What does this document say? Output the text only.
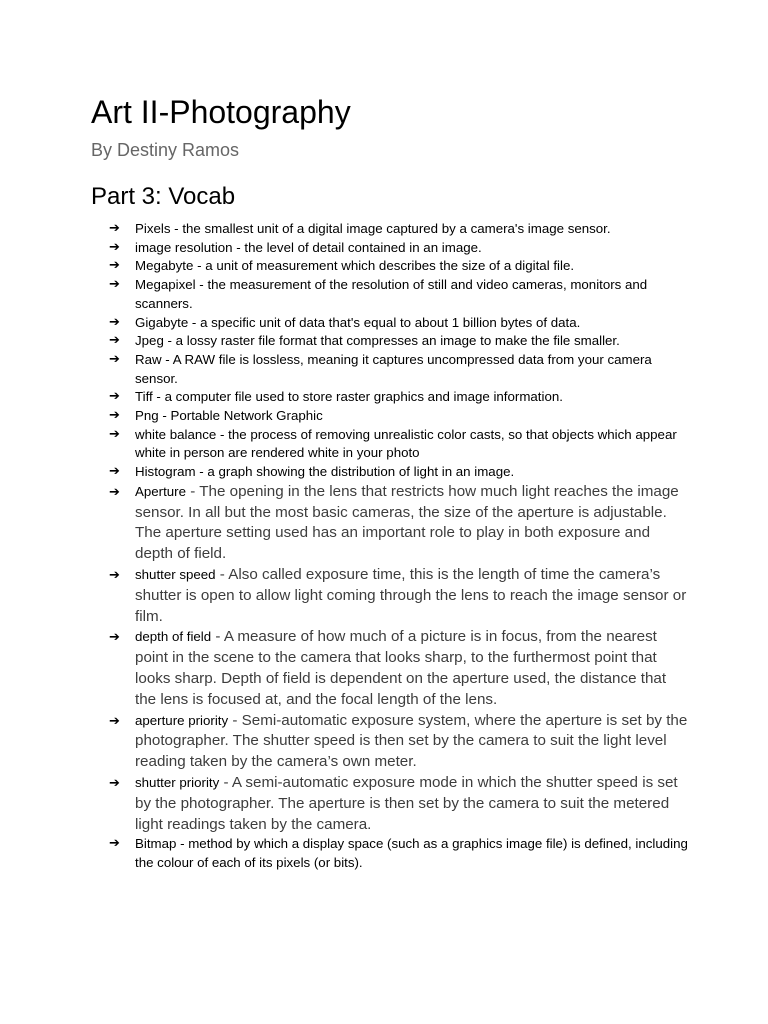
Art II-Photography
By Destiny Ramos
Part 3: Vocab
➔ Pixels - the smallest unit of a digital image captured by a camera's image sensor.
➔ image resolution - the level of detail contained in an image.
➔ Megabyte - a unit of measurement which describes the size of a digital file.
➔ Megapixel - the measurement of the resolution of still and video cameras, monitors and scanners.
➔ Gigabyte - a specific unit of data that's equal to about 1 billion bytes of data.
➔ Jpeg - a lossy raster file format that compresses an image to make the file smaller.
➔ Raw - A RAW file is lossless, meaning it captures uncompressed data from your camera sensor.
➔ Tiff - a computer file used to store raster graphics and image information.
➔ Png - Portable Network Graphic
➔ white balance - the process of removing unrealistic color casts, so that objects which appear white in person are rendered white in your photo
➔ Histogram - a graph showing the distribution of light in an image.
➔ Aperture - The opening in the lens that restricts how much light reaches the image sensor. In all but the most basic cameras, the size of the aperture is adjustable. The aperture setting used has an important role to play in both exposure and depth of field.
➔ shutter speed - Also called exposure time, this is the length of time the camera’s shutter is open to allow light coming through the lens to reach the image sensor or film.
➔ depth of field - A measure of how much of a picture is in focus, from the nearest point in the scene to the camera that looks sharp, to the furthermost point that looks sharp. Depth of field is dependent on the aperture used, the distance that the lens is focused at, and the focal length of the lens.
➔ aperture priority - Semi-automatic exposure system, where the aperture is set by the photographer. The shutter speed is then set by the camera to suit the light level reading taken by the camera’s own meter.
➔ shutter priority - A semi-automatic exposure mode in which the shutter speed is set by the photographer. The aperture is then set by the camera to suit the metered light readings taken by the camera.
➔ Bitmap - method by which a display space (such as a graphics image file) is defined, including the colour of each of its pixels (or bits).
